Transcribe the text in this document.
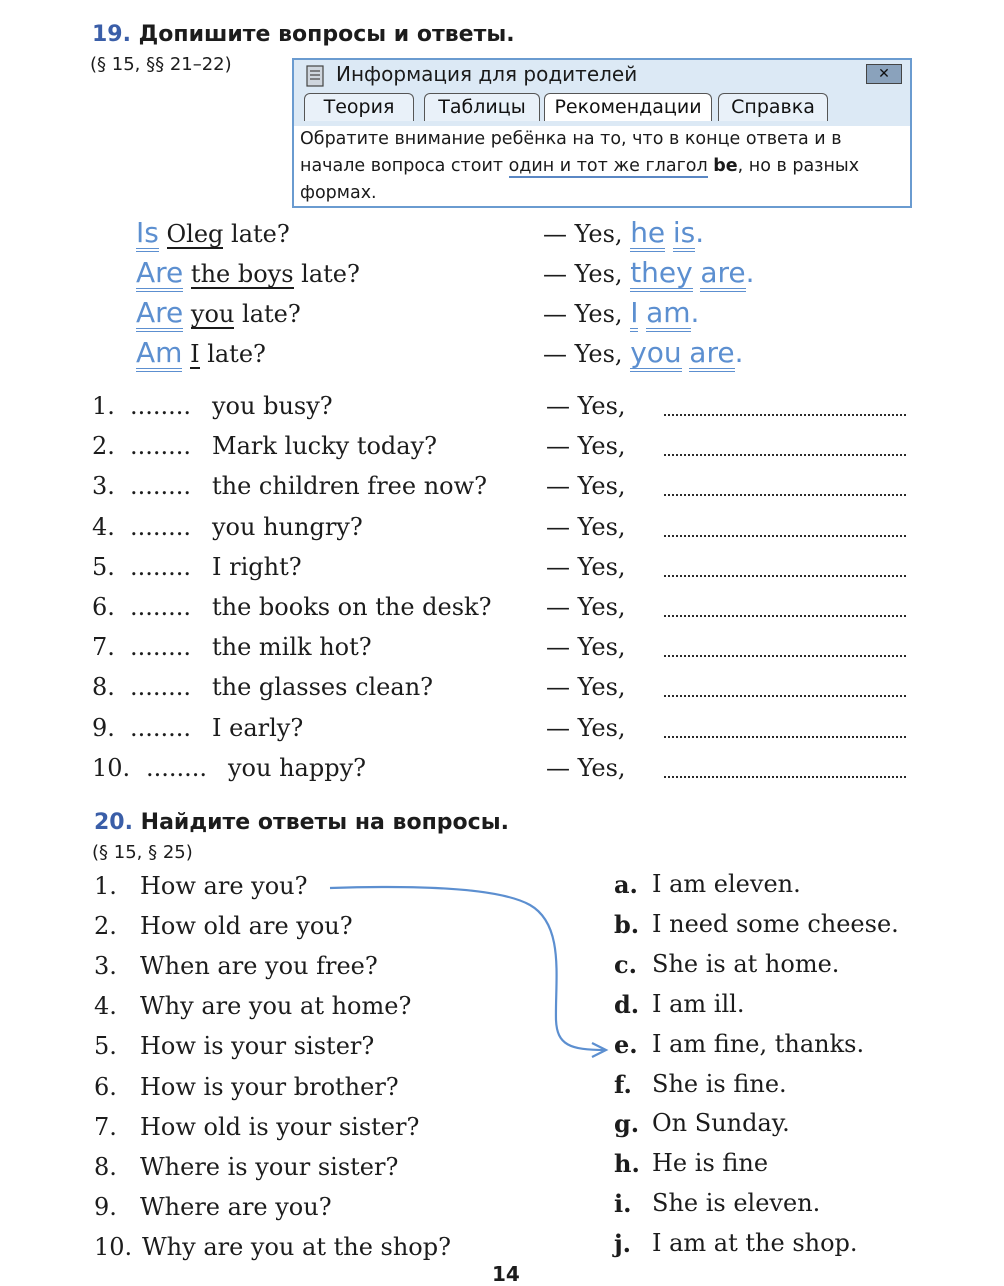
19. Допишите вопросы и ответы.
(§ 15, §§ 21–22)	Информация для родителей	✕
Теория	Таблицы	Рекомендации	Справка
Обратите внимание ребёнка на то, что в конце ответа и в начале вопроса стоит один и тот же глагол be, но в разных формах.
Is Oleg late?	— Yes, he is.
Are the boys late?	— Yes, they are.
Are you late?	— Yes, I am.
Am I late?	— Yes, you are.
1. ........ you busy?	— Yes,
2. ........ Mark lucky today?	— Yes,
3. ........ the children free now? — Yes,
4. ........ you hungry?	— Yes,
5. ........ I right?	— Yes,
6. ........ the books on the desk? — Yes,
7. ........ the milk hot?	— Yes,
8. ........ the glasses clean?	— Yes,
9. ........ I early?	— Yes,
10. ........ you happy?	— Yes,
20. Найдите ответы на вопросы.
(§ 15, § 25)
1. How are you?
2. How old are you?
3. When are you free?
4. Why are you at home?
5. How is your sister?
6. How is your brother?
7. How old is your sister?
8. Where is your sister?
9. Where are you?
10. Why are you at the shop?
a. I am eleven.
b. I need some cheese.
c. She is at home.
d. I am ill.
e. I am fine, thanks.
f. She is fine.
g. On Sunday.
h. He is fine
i. She is eleven.
j. I am at the shop.
14
